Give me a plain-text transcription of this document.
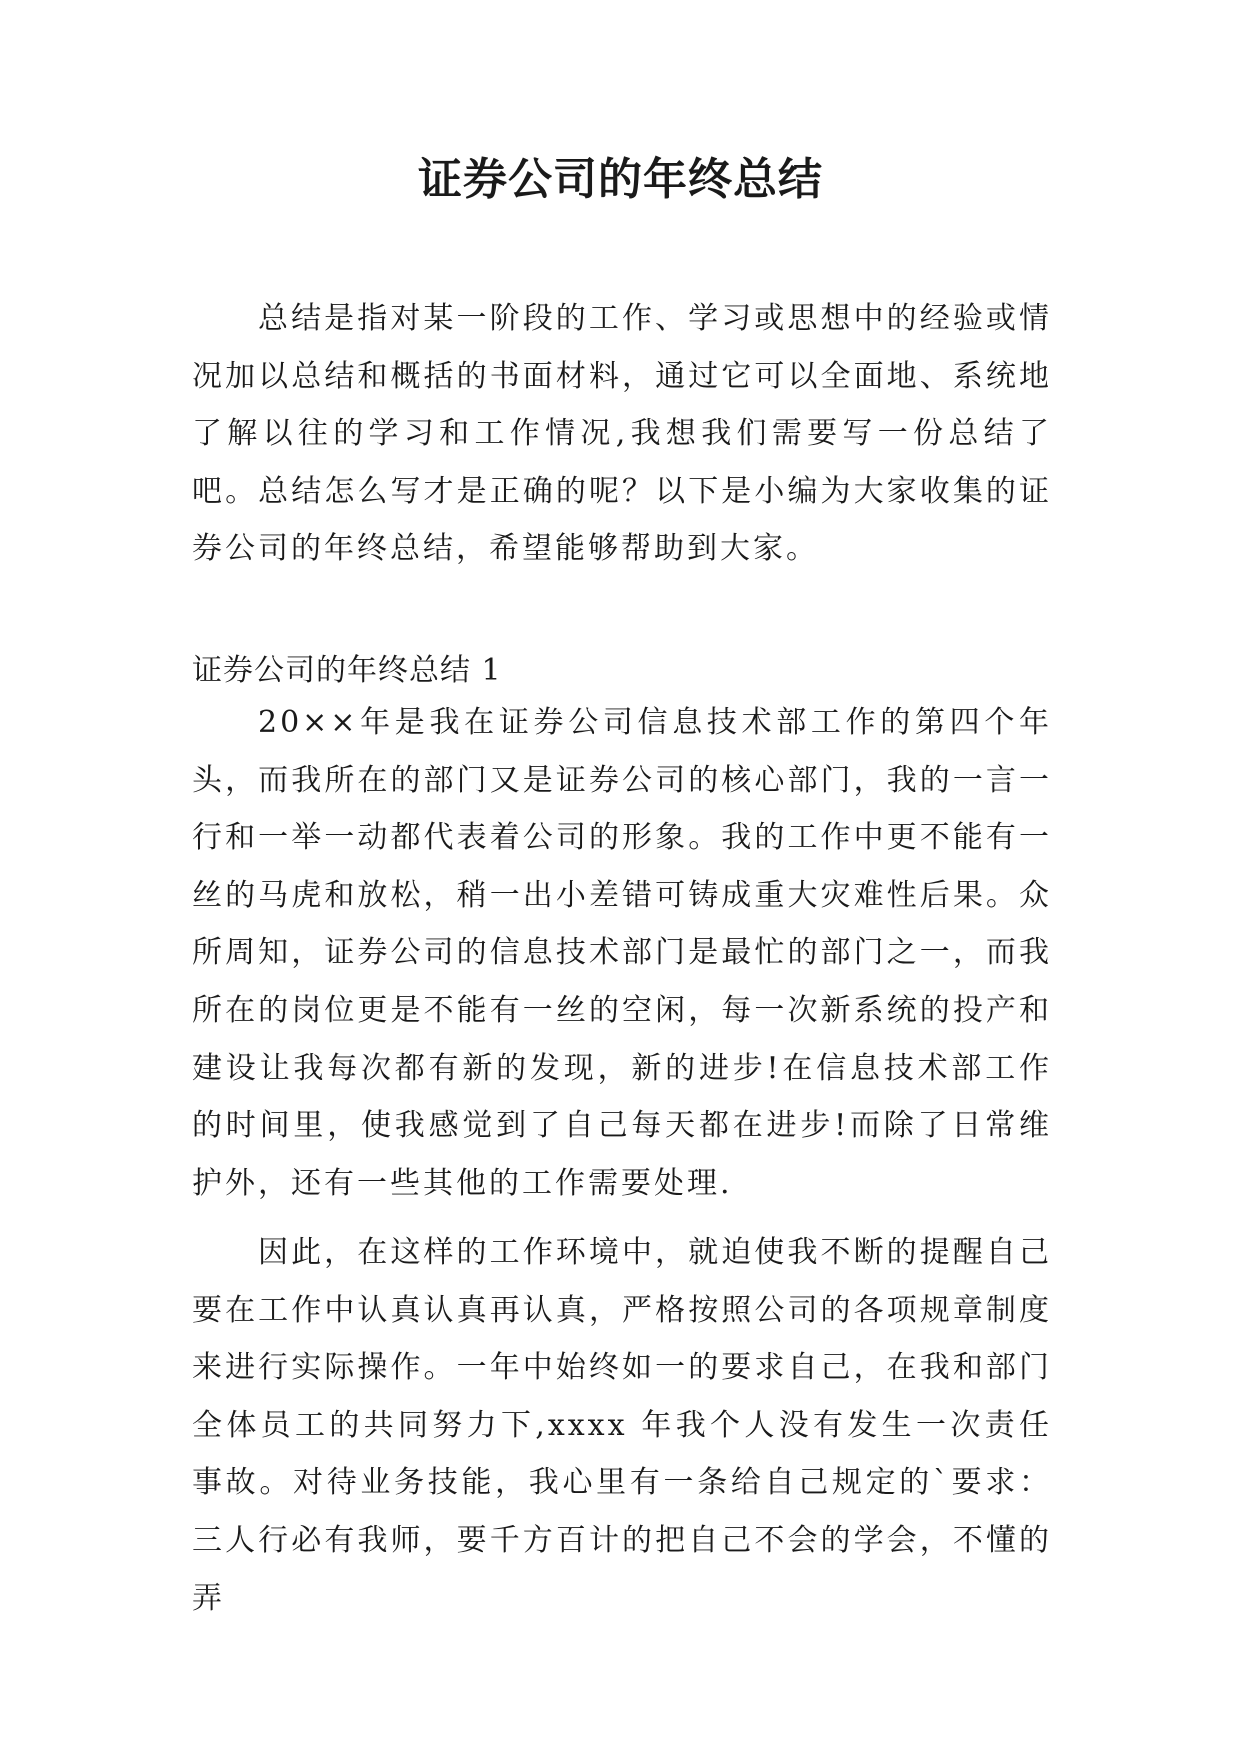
证券公司的年终总结

总结是指对某一阶段的工作、学习或思想中的经验或情况加以总结和概括的书面材料，通过它可以全面地、系统地了解以往的学习和工作情况,我想我们需要写一份总结了吧。总结怎么写才是正确的呢？以下是小编为大家收集的证券公司的年终总结，希望能够帮助到大家。

证券公司的年终总结 1

20××年是我在证券公司信息技术部工作的第四个年头，而我所在的部门又是证券公司的核心部门，我的一言一行和一举一动都代表着公司的形象。我的工作中更不能有一丝的马虎和放松，稍一出小差错可铸成重大灾难性后果。众所周知，证券公司的信息技术部门是最忙的部门之一，而我所在的岗位更是不能有一丝的空闲，每一次新系统的投产和建设让我每次都有新的发现，新的进步!在信息技术部工作的时间里，使我感觉到了自己每天都在进步!而除了日常维护外，还有一些其他的工作需要处理.

因此，在这样的工作环境中，就迫使我不断的提醒自己要在工作中认真认真再认真，严格按照公司的各项规章制度来进行实际操作。一年中始终如一的要求自己，在我和部门全体员工的共同努力下,xxxx 年我个人没有发生一次责任事故。对待业务技能，我心里有一条给自己规定的`要求：三人行必有我师，要千方百计的把自己不会的学会，不懂的弄
